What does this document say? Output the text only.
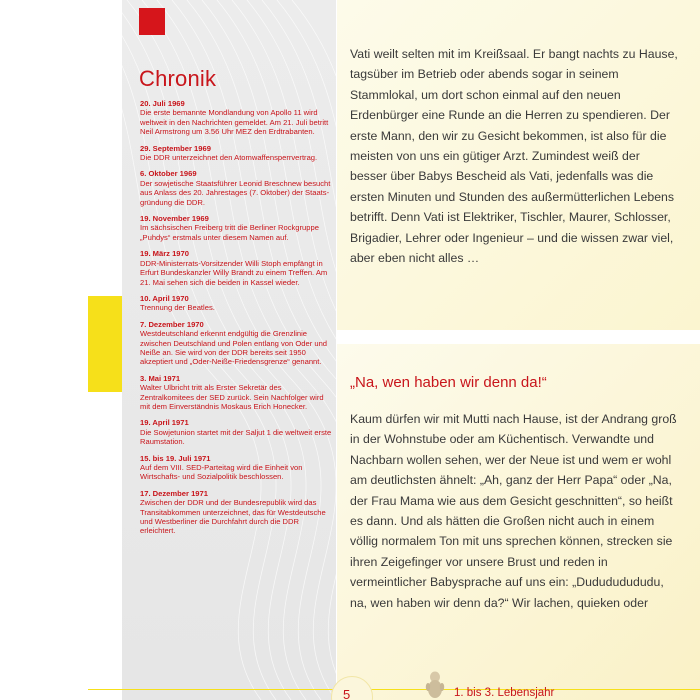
Chronik
20. Juli 1969
Die erste bemannte Mondlandung von Apollo 11 wird weltweit in den Nachrichten gemeldet. Am 21. Juli betritt Neil Armstrong um 3.56 Uhr MEZ den Erdtrabanten.
29. September 1969
Die DDR unterzeichnet den Atomwaffensperrvertrag.
6. Oktober 1969
Der sowjetische Staatsführer Leonid Breschnew besucht aus Anlass des 20. Jahrestages (7. Oktober) der Staatsgründung die DDR.
19. November 1969
Im sächsischen Freiberg tritt die Berliner Rockgruppe „Puhdys“ erstmals unter diesem Namen auf.
19. März 1970
DDR-Ministerrats-Vorsitzender Willi Stoph empfängt in Erfurt Bundeskanzler Willy Brandt zu einem Treffen. Am 21. Mai sehen sich die beiden in Kassel wieder.
10. April 1970
Trennung der Beatles.
7. Dezember 1970
Westdeutschland erkennt endgültig die Grenzlinie zwischen Deutschland und Polen entlang von Oder und Neiße an. Sie wird von der DDR bereits seit 1950 akzeptiert und „Oder-Neiße-Friedensgrenze“ genannt.
3. Mai 1971
Walter Ulbricht tritt als Erster Sekretär des Zentralkomitees der SED zurück. Sein Nachfolger wird mit dem Einverständnis Moskaus Erich Honecker.
19. April 1971
Die Sowjetunion startet mit der Saljut 1 die weltweit erste Raumstation.
15. bis 19. Juli 1971
Auf dem VIII. SED-Parteitag wird die Einheit von Wirtschafts- und Sozialpolitik beschlossen.
17. Dezember 1971
Zwischen der DDR und der Bundesrepublik wird das Transitabkommen unterzeichnet, das für Westdeutsche und Westberliner die Durchfahrt durch die DDR erleichtert.
Vati weilt selten mit im Kreißsaal. Er bangt nachts zu Hause, tagsüber im Betrieb oder abends sogar in seinem Stammlokal, um dort schon einmal auf den neuen Erdenbürger eine Runde an die Herren zu spendieren. Der erste Mann, den wir zu Gesicht bekommen, ist also für die meisten von uns ein gütiger Arzt. Zumindest weiß der besser über Babys Bescheid als Vati, jedenfalls was die ersten Minuten und Stunden des außermütterlichen Lebens betrifft. Denn Vati ist Elektriker, Tischler, Maurer, Schlosser, Brigadier, Lehrer oder Ingenieur – und die wissen zwar viel, aber eben nicht alles …
„Na, wen haben wir denn da!“
Kaum dürfen wir mit Mutti nach Hause, ist der Andrang groß in der Wohnstube oder am Küchentisch. Verwandte und Nachbarn wollen sehen, wer der Neue ist und wem er wohl am deutlichsten ähnelt: „Ah, ganz der Herr Papa“ oder „Na, der Frau Mama wie aus dem Gesicht geschnitten“, so heißt es dann. Und als hätten die Großen nicht auch in einem völlig normalem Ton mit uns sprechen können, strecken sie ihren Zeigefinger vor unsere Brust und reden in vermeintlicher Babysprache auf uns ein: „Dudududududu, na, wen haben wir denn da?“ Wir lachen, quieken oder
5	1. bis 3. Lebensjahr
